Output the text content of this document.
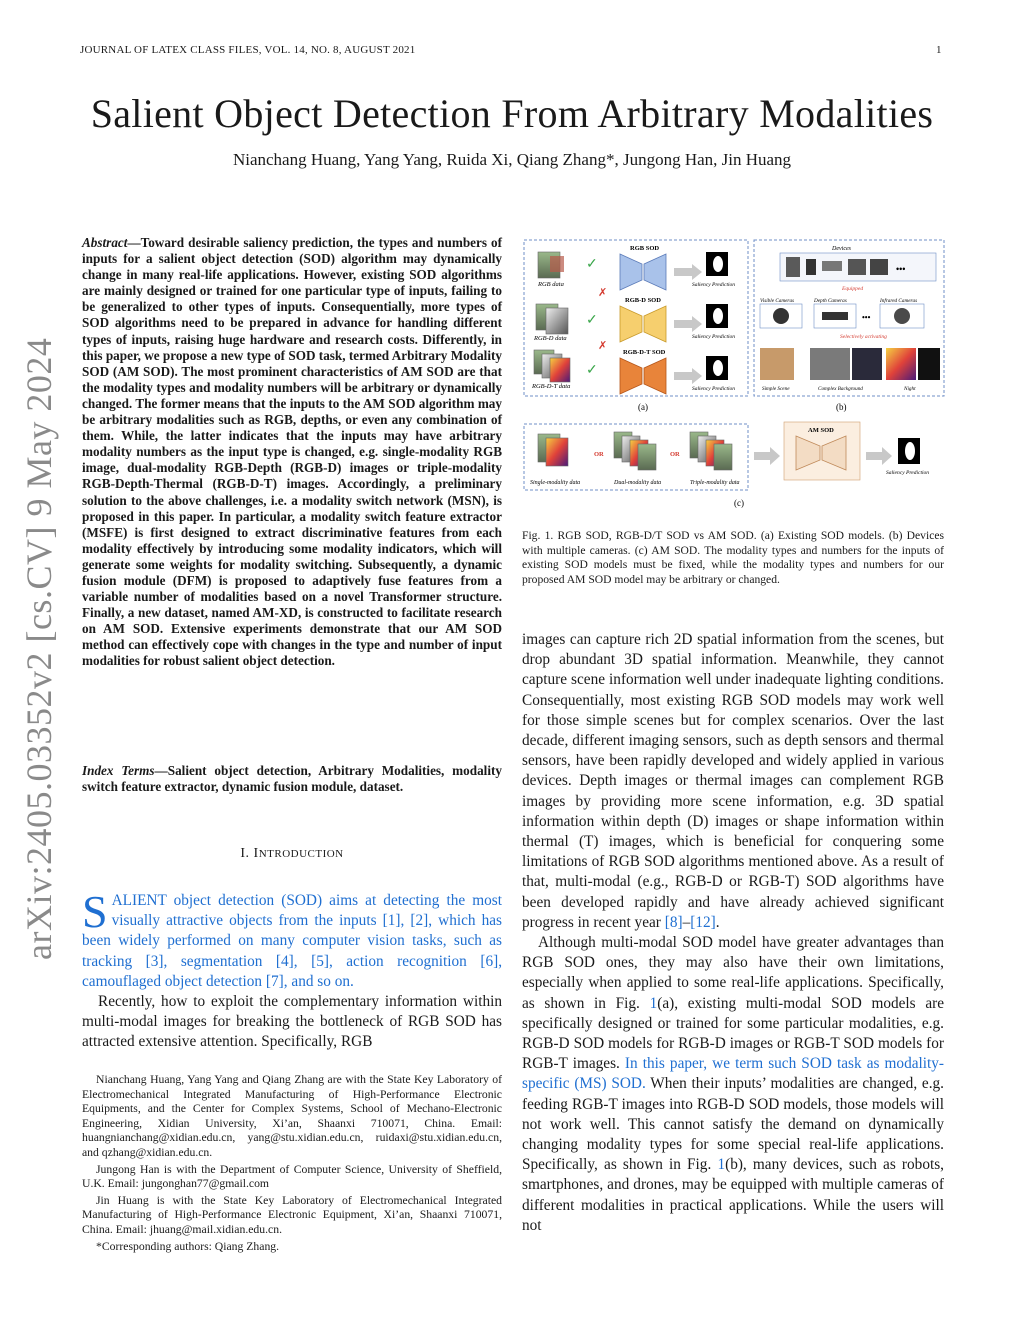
JOURNAL OF LATEX CLASS FILES, VOL. 14, NO. 8, AUGUST 2021	1
arXiv:2405.03352v2 [cs.CV] 9 May 2024
Salient Object Detection From Arbitrary Modalities
Nianchang Huang, Yang Yang, Ruida Xi, Qiang Zhang*, Jungong Han, Jin Huang
Abstract—Toward desirable saliency prediction, the types and numbers of inputs for a salient object detection (SOD) algorithm may dynamically change in many real-life applications. However, existing SOD algorithms are mainly designed or trained for one particular type of inputs, failing to be generalized to other types of inputs. Consequentially, more types of SOD algorithms need to be prepared in advance for handling different types of inputs, raising huge hardware and research costs. Differently, in this paper, we propose a new type of SOD task, termed Arbitrary Modality SOD (AM SOD). The most prominent characteristics of AM SOD are that the modality types and modality numbers will be arbitrary or dynamically changed. The former means that the inputs to the AM SOD algorithm may be arbitrary modalities such as RGB, depths, or even any combination of them. While, the latter indicates that the inputs may have arbitrary modality numbers as the input type is changed, e.g. single-modality RGB image, dual-modality RGB-Depth (RGB-D) images or triple-modality RGB-Depth-Thermal (RGB-D-T) images. Accordingly, a preliminary solution to the above challenges, i.e. a modality switch network (MSN), is proposed in this paper. In particular, a modality switch feature extractor (MSFE) is first designed to extract discriminative features from each modality effectively by introducing some modality indicators, which will generate some weights for modality switching. Subsequently, a dynamic fusion module (DFM) is proposed to adaptively fuse features from a variable number of modalities based on a novel Transformer structure. Finally, a new dataset, named AM-XD, is constructed to facilitate research on AM SOD. Extensive experiments demonstrate that our AM SOD method can effectively cope with changes in the type and number of input modalities for robust salient object detection.
Index Terms—Salient object detection, Arbitrary Modalities, modality switch feature extractor, dynamic fusion module, dataset.
I. INTRODUCTION

SALIENT object detection (SOD) aims at detecting the most visually attractive objects from the inputs [1], [2], which has been widely performed on many computer vision tasks, such as tracking [3], segmentation [4], [5], action recognition [6], camouflaged object detection [7], and so on.

Recently, how to exploit the complementary information within multi-modal images for breaking the bottleneck of RGB SOD has attracted extensive attention. Specifically, RGB

Nianchang Huang, Yang Yang and Qiang Zhang are with the State Key Laboratory of Electromechanical Integrated Manufacturing of High-Performance Electronic Equipments, and the Center for Complex Systems, School of Mechano-Electronic Engineering, Xidian University, Xi’an, Shaanxi 710071, China. Email: huangnianchang@xidian.edu.cn, yang@stu.xidian.edu.cn, ruidaxi@stu.xidian.edu.cn, and qzhang@xidian.edu.cn.

Jungong Han is with the Department of Computer Science, University of Sheffield, U.K. Email: jungonghan77@gmail.com

Jin Huang is with the State Key Laboratory of Electromechanical Integrated Manufacturing of High-Performance Electronic Equipment, Xi’an, Shaanxi 710071, China. Email: jhuang@mail.xidian.edu.cn.

*Corresponding authors: Qiang Zhang.

RGB data
RGB-D data
RGB-D-T data
✓
✗
✓
✗
✓
RGB SOD
RGB-D SOD
RGB-D-T SOD
Saliency Prediction
Saliency Prediction
Saliency Prediction
(a)
Devices
•••
Equipped
Visible Cameras	Depth Cameras	Infrared Cameras
•••
Selectively activating
Simple Scene	Complex Background	Night
(b)
OR	OR
Single-modality data	Dual-modality data	Triple-modality data
AM SOD
Saliency Prediction
(c)
Fig. 1. RGB SOD, RGB-D/T SOD vs AM SOD. (a) Existing SOD models. (b) Devices with multiple cameras. (c) AM SOD. The modality types and numbers for the inputs of existing SOD models must be fixed, while the modality types and numbers for our proposed AM SOD model may be arbitrary or changed.

images can capture rich 2D spatial information from the scenes, but drop abundant 3D spatial information. Meanwhile, they cannot capture scene information well under inadequate lighting conditions. Consequentially, most existing RGB SOD models may work well for those simple scenes but for complex scenarios. Over the last decade, different imaging sensors, such as depth sensors and thermal sensors, have been rapidly developed and widely applied in various devices. Depth images or thermal images can complement RGB images by providing more scene information, e.g. 3D spatial information within depth (D) images or shape information within thermal (T) images, which is beneficial for conquering some limitations of RGB SOD algorithms mentioned above. As a result of that, multi-modal (e.g., RGB-D or RGB-T) SOD algorithms have been developed rapidly and have already achieved significant progress in recent year [8]–[12].

Although multi-modal SOD model have greater advantages than RGB SOD ones, they may also have their own limitations, especially when applied to some real-life applications. Specifically, as shown in Fig. 1(a), existing multi-modal SOD models are specifically designed or trained for some particular modalities, e.g. RGB-D SOD models for RGB-D images or RGB-T SOD models for RGB-T images. In this paper, we term such SOD task as modality-specific (MS) SOD. When their inputs’ modalities are changed, e.g. feeding RGB-T images into RGB-D SOD models, those models will not work well. This cannot satisfy the demand on dynamically changing modality types for some special real-life applications. Specifically, as shown in Fig. 1(b), many devices, such as robots, smartphones, and drones, may be equipped with multiple cameras of different modalities in practical applications. While the users will not
